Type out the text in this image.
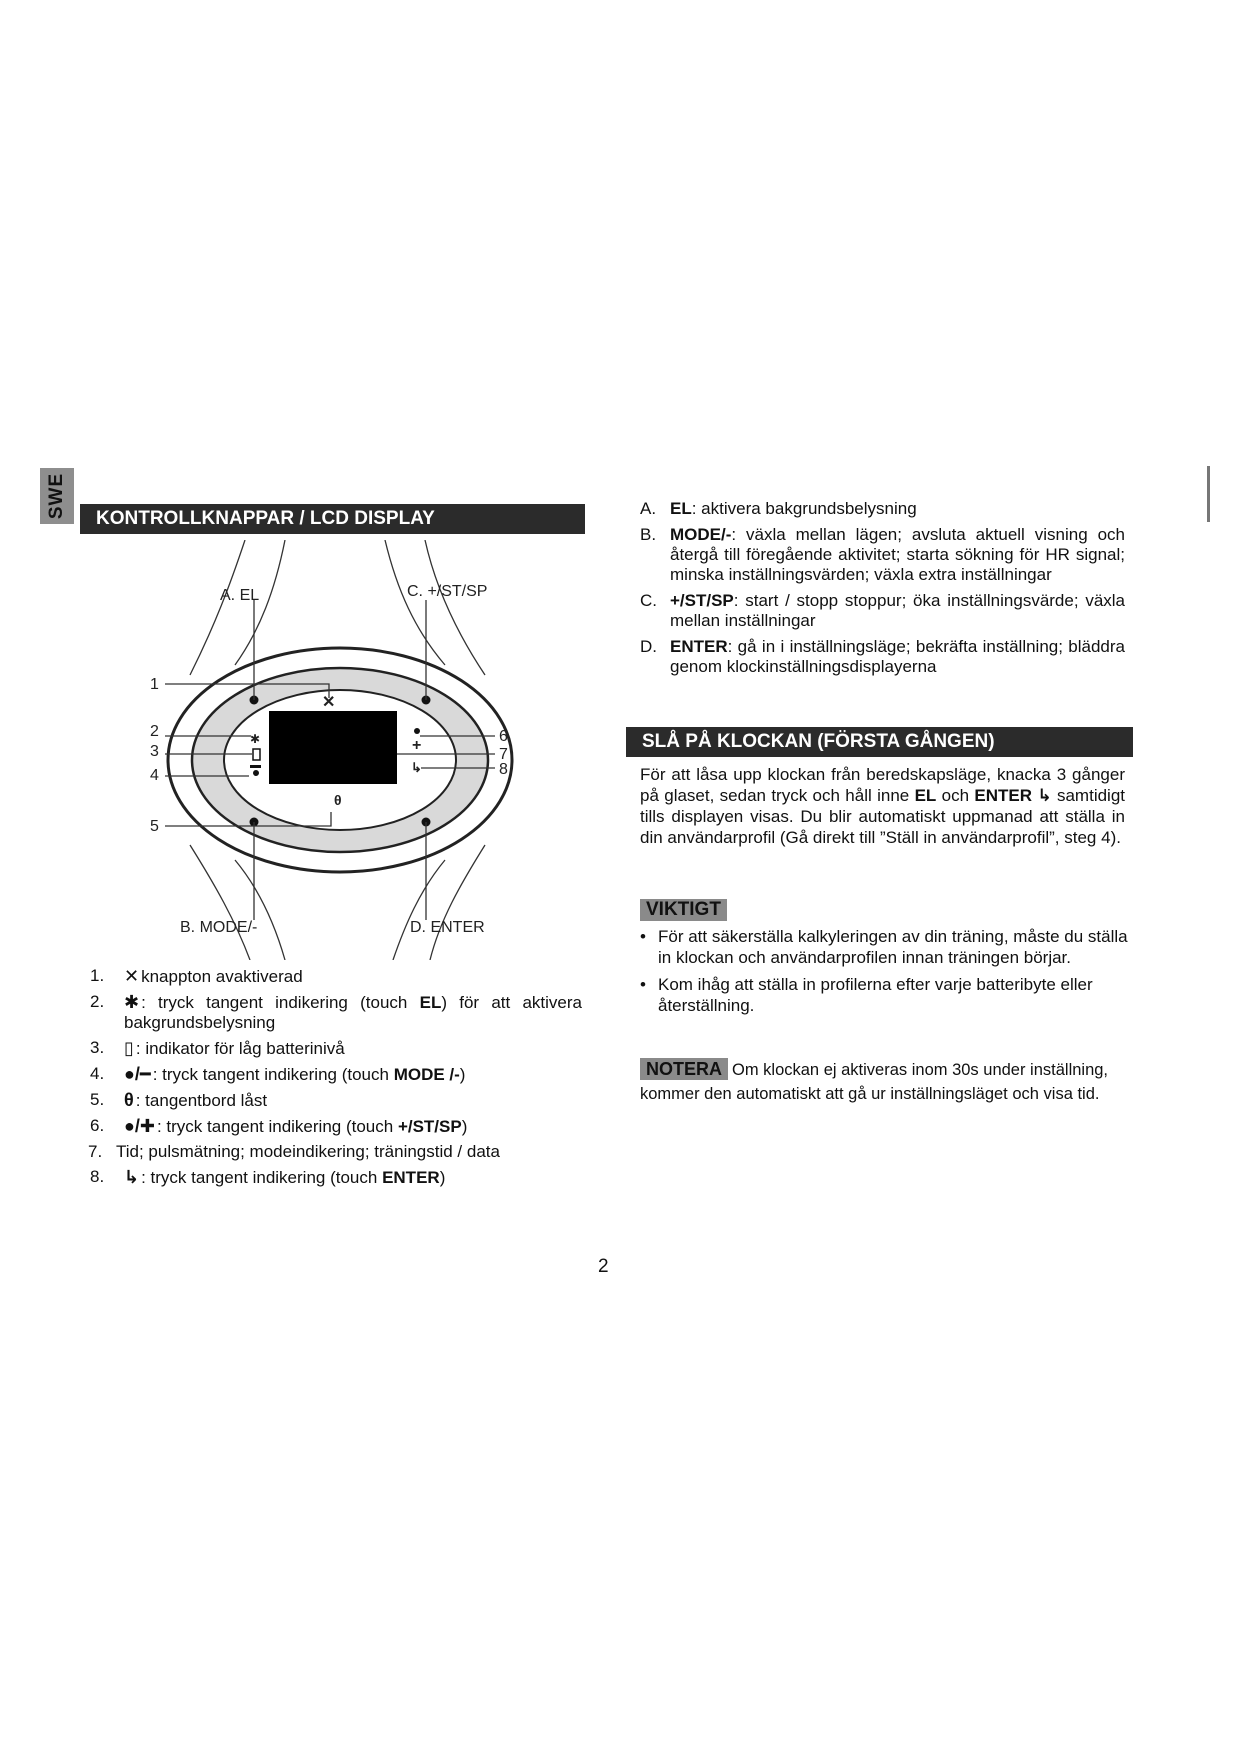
SWE	KONTROLLKNAPPAR / LCD DISPLAY
✕
✱	+
↳
θ
A. EL	C. +/ST/SP
B. MODE/-	D. ENTER
1
2
3
4
5
6
7
8
1. ✕ knappton avaktiverad
2. ✱ : tryck tangent indikering (touch EL) för att aktivera bakgrundsbelysning
3. ▯ : indikator för låg batterinivå
4. ●/━ : tryck tangent indikering (touch MODE /-)
5. θ : tangentbord låst
6. ●/✚ : tryck tangent indikering (touch +/ST/SP)
7. Tid; pulsmätning; modeindikering; träningstid / data
8. ↳ : tryck tangent indikering (touch ENTER)
A. EL: aktivera bakgrundsbelysning
B. MODE/-: växla mellan lägen; avsluta aktuell visning och återgå till föregående aktivitet; starta sökning för HR signal; minska inställningsvärden; växla extra inställningar
C. +/ST/SP: start / stopp stoppur; öka inställningsvärde; växla mellan inställningar
D. ENTER: gå in i inställningsläge; bekräfta inställning; bläddra genom klockinställningsdisplayerna
SLÅ PÅ KLOCKAN (FÖRSTA GÅNGEN)

För att låsa upp klockan från beredskapsläge, knacka 3 gånger på glaset, sedan tryck och håll inne EL och ENTER ↳ samtidigt tills displayen visas. Du blir automatiskt uppmanad att ställa in din användarprofil (Gå direkt till ”Ställ in användarprofil”, steg 4).

VIKTIGT
• För att säkerställa kalkyleringen av din träning, måste du ställa in klockan och användarprofilen innan träningen börjar.
• Kom ihåg att ställa in profilerna efter varje batteribyte eller återställning.

Om klockan ej aktiveras inom 30s under inställning, kommer den automatiskt att gå ur inställningsläget och visa tid.

NOTERA
2
